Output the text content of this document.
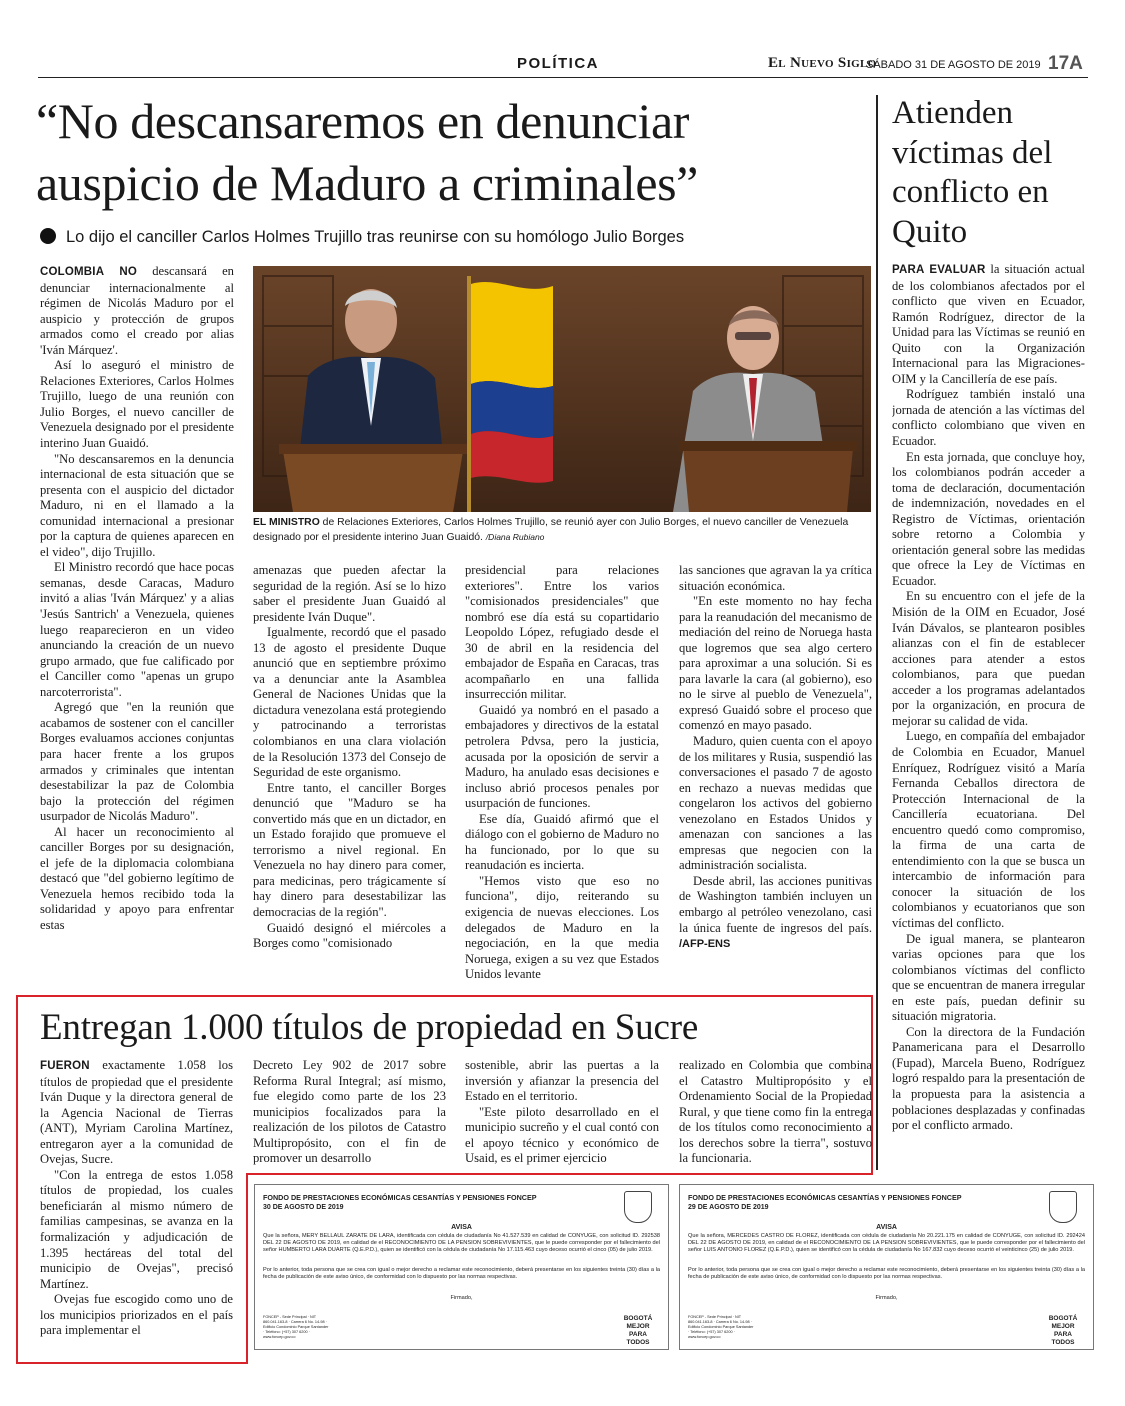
POLÍTICA	El Nuevo Siglo
SÁBADO 31 DE AGOSTO DE 2019 17A
“No descansaremos en denunciar auspicio de Maduro a criminales”
Lo dijo el canciller Carlos Holmes Trujillo tras reunirse con su homólogo Julio Borges
EL MINISTRO de Relaciones Exteriores, Carlos Holmes Trujillo, se reunió ayer con Julio Borges, el nuevo canciller de Venezuela designado por el presidente interino Juan Guaidó. /Diana Rubiano

COLOMBIA NO descansará en denunciar internacionalmente al régimen de Nicolás Maduro por el auspicio y protección de grupos armados como el creado por alias 'Iván Márquez'.

Así lo aseguró el ministro de Relaciones Exteriores, Carlos Holmes Trujillo, luego de una reunión con Julio Borges, el nuevo canciller de Venezuela designado por el presidente interino Juan Guaidó.

"No descansaremos en la denuncia internacional de esta situación que se presenta con el auspicio del dictador Maduro, ni en el llamado a la comunidad internacional a presionar por la captura de quienes aparecen en el video", dijo Trujillo.

El Ministro recordó que hace pocas semanas, desde Caracas, Maduro invitó a alias 'Iván Márquez' y a alias 'Jesús Santrich' a Venezuela, quienes luego reaparecieron en un video anunciando la creación de un nuevo grupo armado, que fue calificado por el Canciller como "apenas un grupo narcoterrorista".

Agregó que "en la reunión que acabamos de sostener con el canciller Borges evaluamos acciones conjuntas para hacer frente a los grupos armados y criminales que intentan desestabilizar la paz de Colombia bajo la protección del régimen usurpador de Nicolás Maduro".

Al hacer un reconocimiento al canciller Borges por su designación, el jefe de la diplomacia colombiana destacó que "del gobierno legítimo de Venezuela hemos recibido toda la solidaridad y apoyo para enfrentar estas

amenazas que pueden afectar la seguridad de la región. Así se lo hizo saber el presidente Juan Guaidó al presidente Iván Duque".

Igualmente, recordó que el pasado 13 de agosto el presidente Duque anunció que en septiembre próximo va a denunciar ante la Asamblea General de Naciones Unidas que la dictadura venezolana está protegiendo y patrocinando a terroristas colombianos en una clara violación de la Resolución 1373 del Consejo de Seguridad de este organismo.

Entre tanto, el canciller Borges denunció que "Maduro se ha convertido más que en un dictador, en un Estado forajido que promueve el terrorismo a nivel regional. En Venezuela no hay dinero para comer, para medicinas, pero trágicamente sí hay dinero para desestabilizar las democracias de la región".

Guaidó designó el miércoles a Borges como "comisionado

presidencial para relaciones exteriores". Entre los varios "comisionados presidenciales" que nombró ese día está su copartidario Leopoldo López, refugiado desde el 30 de abril en la residencia del embajador de España en Caracas, tras acompañarlo en una fallida insurrección militar.

Guaidó ya nombró en el pasado a embajadores y directivos de la estatal petrolera Pdvsa, pero la justicia, acusada por la oposición de servir a Maduro, ha anulado esas decisiones e incluso abrió procesos penales por usurpación de funciones.

Ese día, Guaidó afirmó que el diálogo con el gobierno de Maduro no ha funcionado, por lo que su reanudación es incierta.

"Hemos visto que eso no funciona", dijo, reiterando su exigencia de nuevas elecciones. Los delegados de Maduro en la negociación, en la que media Noruega, exigen a su vez que Estados Unidos levante

las sanciones que agravan la ya crítica situación económica.

"En este momento no hay fecha para la reanudación del mecanismo de mediación del reino de Noruega hasta que logremos que sea algo certero para aproximar a una solución. Si es para lavarle la cara (al gobierno), eso no le sirve al pueblo de Venezuela", expresó Guaidó sobre el proceso que comenzó en mayo pasado.

Maduro, quien cuenta con el apoyo de los militares y Rusia, suspendió las conversaciones el pasado 7 de agosto en rechazo a nuevas medidas que congelaron los activos del gobierno venezolano en Estados Unidos y amenazan con sanciones a las empresas que negocien con la administración socialista.

Desde abril, las acciones punitivas de Washington también incluyen un embargo al petróleo venezolano, casi la única fuente de ingresos del país. /AFP-ENS

Atienden víctimas del conflicto en Quito

PARA EVALUAR la situación actual de los colombianos afectados por el conflicto que viven en Ecuador, Ramón Rodríguez, director de la Unidad para las Víctimas se reunió en Quito con la Organización Internacional para las Migraciones-OIM y la Cancillería de ese país.

Rodríguez también instaló una jornada de atención a las víctimas del conflicto colombiano que viven en Ecuador.

En esta jornada, que concluye hoy, los colombianos podrán acceder a toma de declaración, documentación de indemnización, novedades en el Registro de Víctimas, orientación sobre retorno a Colombia y orientación general sobre las medidas que ofrece la Ley de Víctimas en Ecuador.

En su encuentro con el jefe de la Misión de la OIM en Ecuador, José Iván Dávalos, se plantearon posibles alianzas con el fin de establecer acciones para atender a estos colombianos, para que puedan acceder a los programas adelantados por la organización, en procura de mejorar su calidad de vida.

Luego, en compañía del embajador de Colombia en Ecuador, Manuel Enríquez, Rodríguez visitó a María Fernanda Ceballos directora de Protección Internacional de la Cancillería ecuatoriana. Del encuentro quedó como compromiso, la firma de una carta de entendimiento con la que se busca un intercambio de información para conocer la situación de los colombianos y ecuatorianos que son víctimas del conflicto.

De igual manera, se plantearon varias opciones para que los colombianos víctimas del conflicto que se encuentran de manera irregular en este país, puedan definir su situación migratoria.

Con la directora de la Fundación Panamericana para el Desarrollo (Fupad), Marcela Bueno, Rodríguez logró respaldo para la presentación de la propuesta para la asistencia a poblaciones desplazadas y confinadas por el conflicto armado.

Entregan 1.000 títulos de propiedad en Sucre

FUERON exactamente 1.058 los títulos de propiedad que el presidente Iván Duque y la directora general de la Agencia Nacional de Tierras (ANT), Myriam Carolina Martínez, entregaron ayer a la comunidad de Ovejas, Sucre.

"Con la entrega de estos 1.058 títulos de propiedad, los cuales beneficiarán al mismo número de familias campesinas, se avanza en la formalización y adjudicación de 1.395 hectáreas del total del municipio de Ovejas", precisó Martínez.

Ovejas fue escogido como uno de los municipios priorizados en el país para implementar el

Decreto Ley 902 de 2017 sobre Reforma Rural Integral; así mismo, fue elegido como parte de los 23 municipios focalizados para la realización de los pilotos de Catastro Multipropósito, con el fin de promover un desarrollo

sostenible, abrir las puertas a la inversión y afianzar la presencia del Estado en el territorio.

"Este piloto desarrollado en el municipio sucreño y el cual contó con el apoyo técnico y económico de Usaid, es el primer ejercicio

realizado en Colombia que combina el Catastro Multipropósito y el Ordenamiento Social de la Propiedad Rural, y que tiene como fin la entrega de los títulos como reconocimiento a los derechos sobre la tierra", sostuvo la funcionaria.

FONDO DE PRESTACIONES ECONÓMICAS CESANTÍAS Y PENSIONES FONCEP
30 DE AGOSTO DE 2019
AVISA
Que la señora, MERY BELLAUL ZARATE DE LARA, identificada con cédula de ciudadanía No 41.527.539 en calidad de CONYUGE, con solicitud ID. 292538 DEL 22 DE AGOSTO DE 2019, en calidad de el RECONOCIMIENTO DE LA PENSION SOBREVIVIENTES, que le puede corresponder por el fallecimiento del señor HUMBERTO LARA DUARTE (Q.E.P.D.), quien se identificó con la cédula de ciudadanía No 17.115.463 cuyo deceso ocurrió el cinco (05) de julio 2019.
Por lo anterior, toda persona que se crea con igual o mejor derecho a reclamar este reconocimiento, deberá presentarse en los siguientes treinta (30) días a la fecha de publicación de este aviso único, de conformidad con lo dispuesto por las normas respectivas.
Firmado,
FONCEP - Sede Principal · NIT 860.041.163-8 · Carrera 6 No. 14-98 · Edificio Condominio Parque Santander · Teléfono: (+57) 307 6200 · www.foncep.gov.co
BOGOTÁ MEJOR PARA TODOS
FONDO DE PRESTACIONES ECONÓMICAS CESANTÍAS Y PENSIONES FONCEP
29 DE AGOSTO DE 2019
AVISA
Que la señora, MERCEDES CASTRO DE FLOREZ, identificada con cédula de ciudadanía No 20.221.175 en calidad de CONYUGE, con solicitud ID. 292424 DEL 22 DE AGOSTO DE 2019, en calidad de el RECONOCIMIENTO DE LA PENSION SOBREVIVIENTES, que le puede corresponder por el fallecimiento del señor LUIS ANTONIO FLOREZ (Q.E.P.D.), quien se identificó con la cédula de ciudadanía No 167.832 cuyo deceso ocurrió el veinticinco (25) de julio 2019.
Por lo anterior, toda persona que se crea con igual o mejor derecho a reclamar este reconocimiento, deberá presentarse en los siguientes treinta (30) días a la fecha de publicación de este aviso único, de conformidad con lo dispuesto por las normas respectivas.
Firmado,
FONCEP - Sede Principal · NIT 860.041.163-8 · Carrera 6 No. 14-98 · Edificio Condominio Parque Santander · Teléfono: (+57) 307 6200 · www.foncep.gov.co
BOGOTÁ MEJOR PARA TODOS
